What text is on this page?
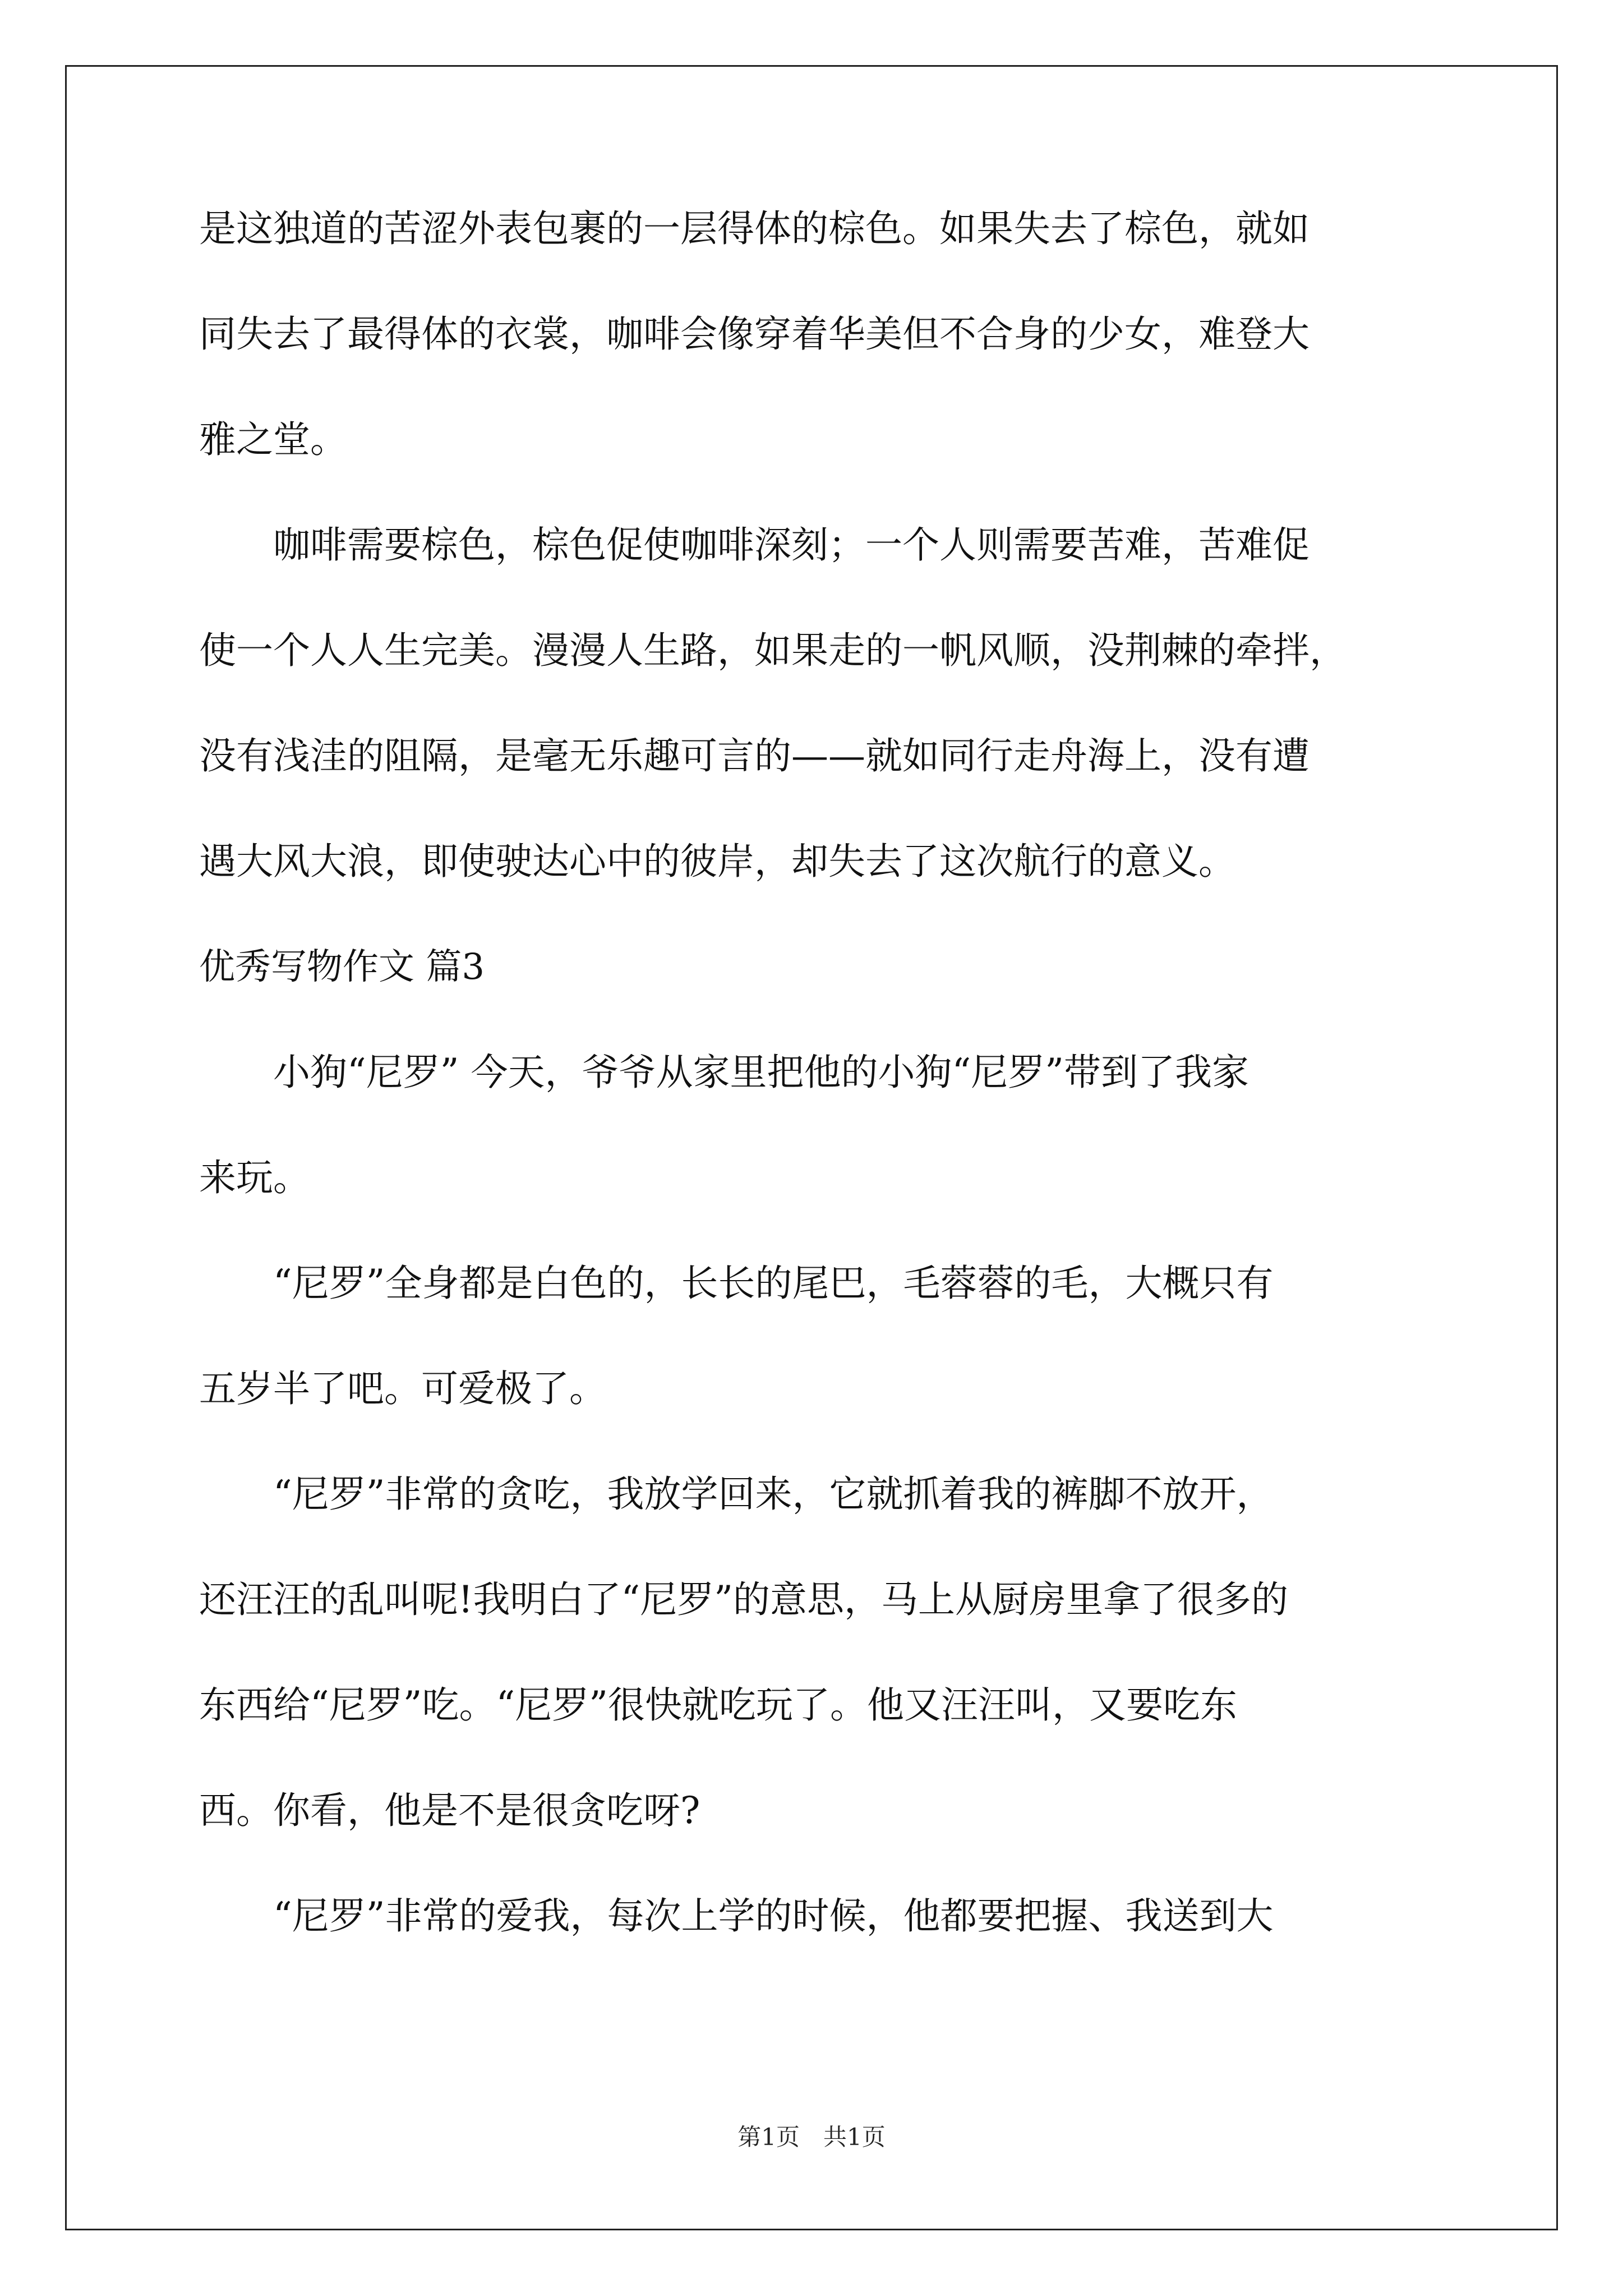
是这独道的苦涩外表包裹的一层得体的棕色。如果失去了棕色，就如

同失去了最得体的衣裳，咖啡会像穿着华美但不合身的少女，难登大

雅之堂。

咖啡需要棕色，棕色促使咖啡深刻；一个人则需要苦难，苦难促

使一个人人生完美。漫漫人生路，如果走的一帆风顺，没荆棘的牵拌，

没有浅洼的阻隔，是毫无乐趣可言的——就如同行走舟海上，没有遭

遇大风大浪，即使驶达心中的彼岸，却失去了这次航行的意义。

优秀写物作文 篇3

小狗“尼罗” 今天，爷爷从家里把他的小狗“尼罗”带到了我家

来玩。

“尼罗”全身都是白色的，长长的尾巴，毛蓉蓉的毛，大概只有

五岁半了吧。可爱极了。

“尼罗”非常的贪吃，我放学回来，它就抓着我的裤脚不放开，

还汪汪的乱叫呢!我明白了“尼罗”的意思，马上从厨房里拿了很多的

东西给“尼罗”吃。“尼罗”很快就吃玩了。他又汪汪叫，又要吃东

西。你看，他是不是很贪吃呀?

“尼罗”非常的爱我，每次上学的时候，他都要把握、我送到大

第1页　共1页
